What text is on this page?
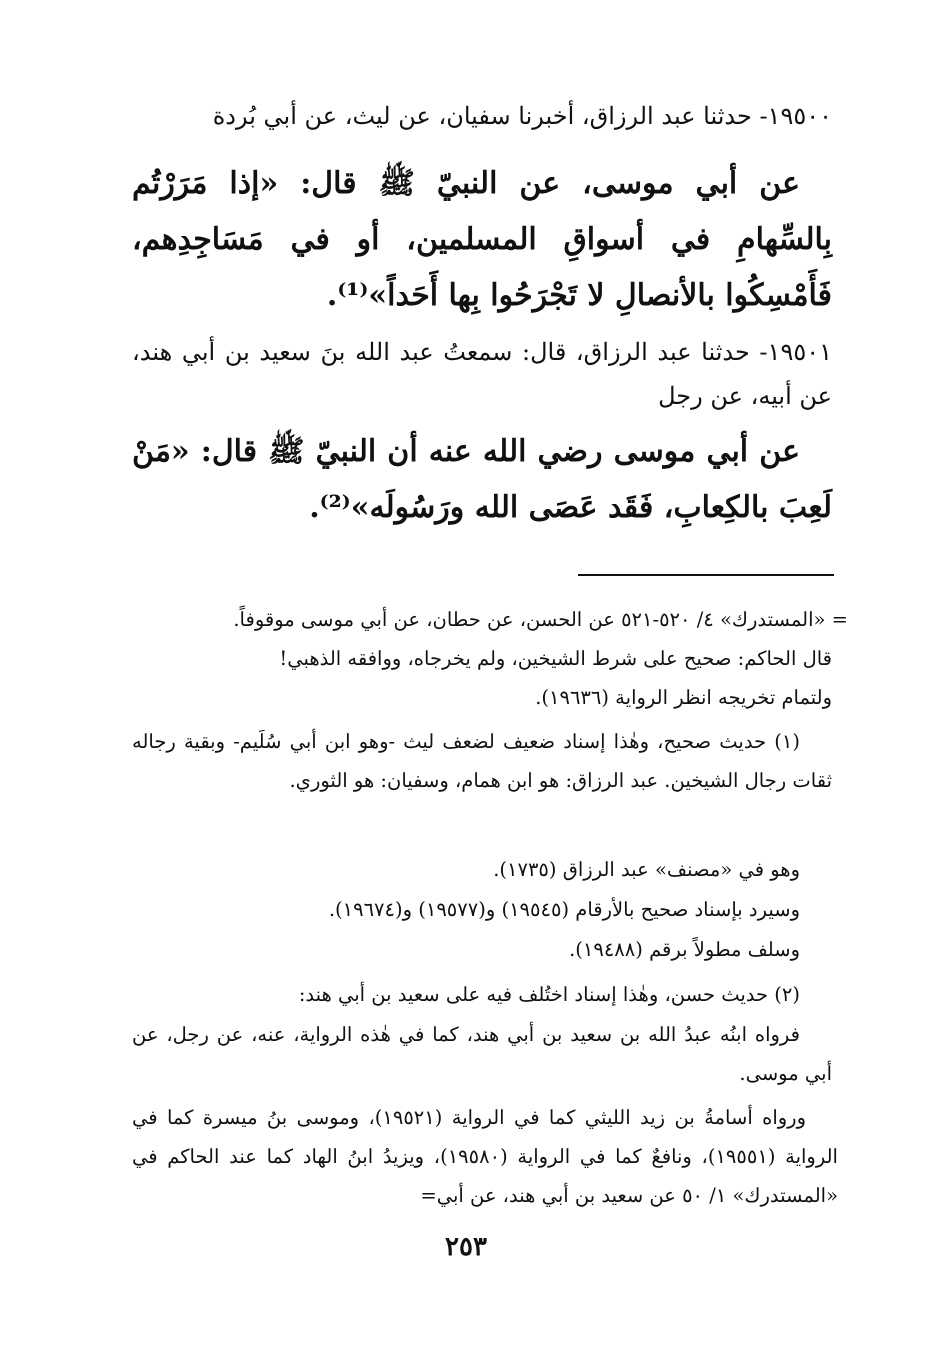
١٩٥٠٠- حدثنا عبد الرزاق، أخبرنا سفيان، عن ليث، عن أبي بُردة

عن أبي موسى، عن النبيّ ﷺ قال: «إذا مَرَرْتُم بِالسِّهامِ في أسواقِ المسلمين، أو في مَسَاجِدِهم، فَأَمْسِكُوا بالأنصالِ لا تَجْرَحُوا بِها أَحَداً»⁽¹⁾.

١٩٥٠١- حدثنا عبد الرزاق، قال: سمعتُ عبد الله بنَ سعيد بن أبي هند، عن أبيه، عن رجل

عن أبي موسى رضي الله عنه أن النبيّ ﷺ قال: «مَنْ لَعِبَ بالكِعابِ، فَقَد عَصَى الله ورَسُولَه»⁽²⁾.

= «المستدرك» ٤/ ٥٢٠-٥٢١ عن الحسن، عن حطان، عن أبي موسى موقوفاً.

قال الحاكم: صحيح على شرط الشيخين، ولم يخرجاه، ووافقه الذهبي!

ولتمام تخريجه انظر الرواية (١٩٦٣٦).

(١) حديث صحيح، وهٰذا إسناد ضعيف لضعف ليث -وهو ابن أبي سُلَيم- وبقية رجاله ثقات رجال الشيخين. عبد الرزاق: هو ابن همام، وسفيان: هو الثوري.

وهو في «مصنف» عبد الرزاق (١٧٣٥).

وسيرد بإسناد صحيح بالأرقام (١٩٥٤٥) و(١٩٥٧٧) و(١٩٦٧٤).

وسلف مطولاً برقم (١٩٤٨٨).

(٢) حديث حسن، وهٰذا إسناد اختُلف فيه على سعيد بن أبي هند:

فرواه ابنُه عبدُ الله بن سعيد بن أبي هند، كما في هٰذه الرواية، عنه، عن رجل، عن أبي موسى.

ورواه أسامةُ بن زيد الليثي كما في الرواية (١٩٥٢١)، وموسى بنُ ميسرة كما في الرواية (١٩٥٥١)، ونافعٌ كما في الرواية (١٩٥٨٠)، ويزيدُ ابنُ الهاد كما عند الحاكم في «المستدرك» ١/ ٥٠ عن سعيد بن أبي هند، عن أبي=

٢٥٣
